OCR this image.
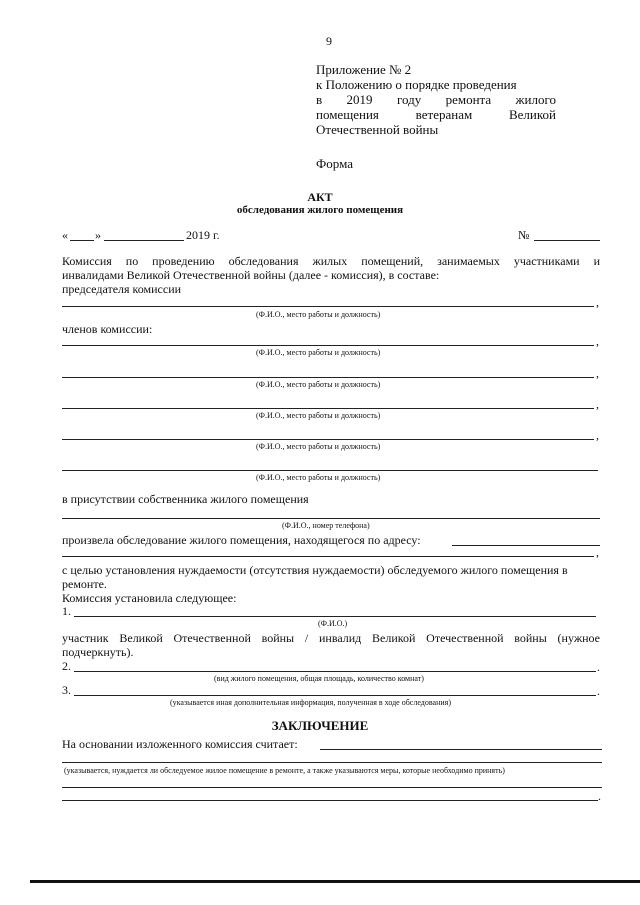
9
Приложение № 2
к Положению о порядке проведения
в 2019 году ремонта жилого
помещения ветеранам Великой
Отечественной войны
Форма
АКТ
обследования жилого помещения
« »	2019 г.	№
Комиссия по проведению обследования жилых помещений, занимаемых участниками и
инвалидами Великой Отечественной войны (далее - комиссия), в составе:
председателя комиссии
,
(Ф.И.О., место работы и должность)
членов комиссии:
,
(Ф.И.О., место работы и должность)
,
(Ф.И.О., место работы и должность)
,
(Ф.И.О., место работы и должность)
,
(Ф.И.О., место работы и должность)
(Ф.И.О., место работы и должность)
в присутствии собственника жилого помещения
(Ф.И.О., номер телефона)
произвела обследование жилого помещения, находящегося по адресу:
,
с целью установления нуждаемости (отсутствия нуждаемости) обследуемого жилого помещения в
ремонте.
Комиссия установила следующее:
1.
(Ф.И.О.)
участник Великой Отечественной войны / инвалид Великой Отечественной войны (нужное
подчеркнуть).
2.	.
(вид жилого помещения, общая площадь, количество комнат)
3.	.
(указывается иная дополнительная информация, полученная в ходе обследования)
ЗАКЛЮЧЕНИЕ
На основании изложенного комиссия считает:
(указывается, нуждается ли обследуемое жилое помещение в ремонте, а также указываются меры, которые необходимо принять)
.
